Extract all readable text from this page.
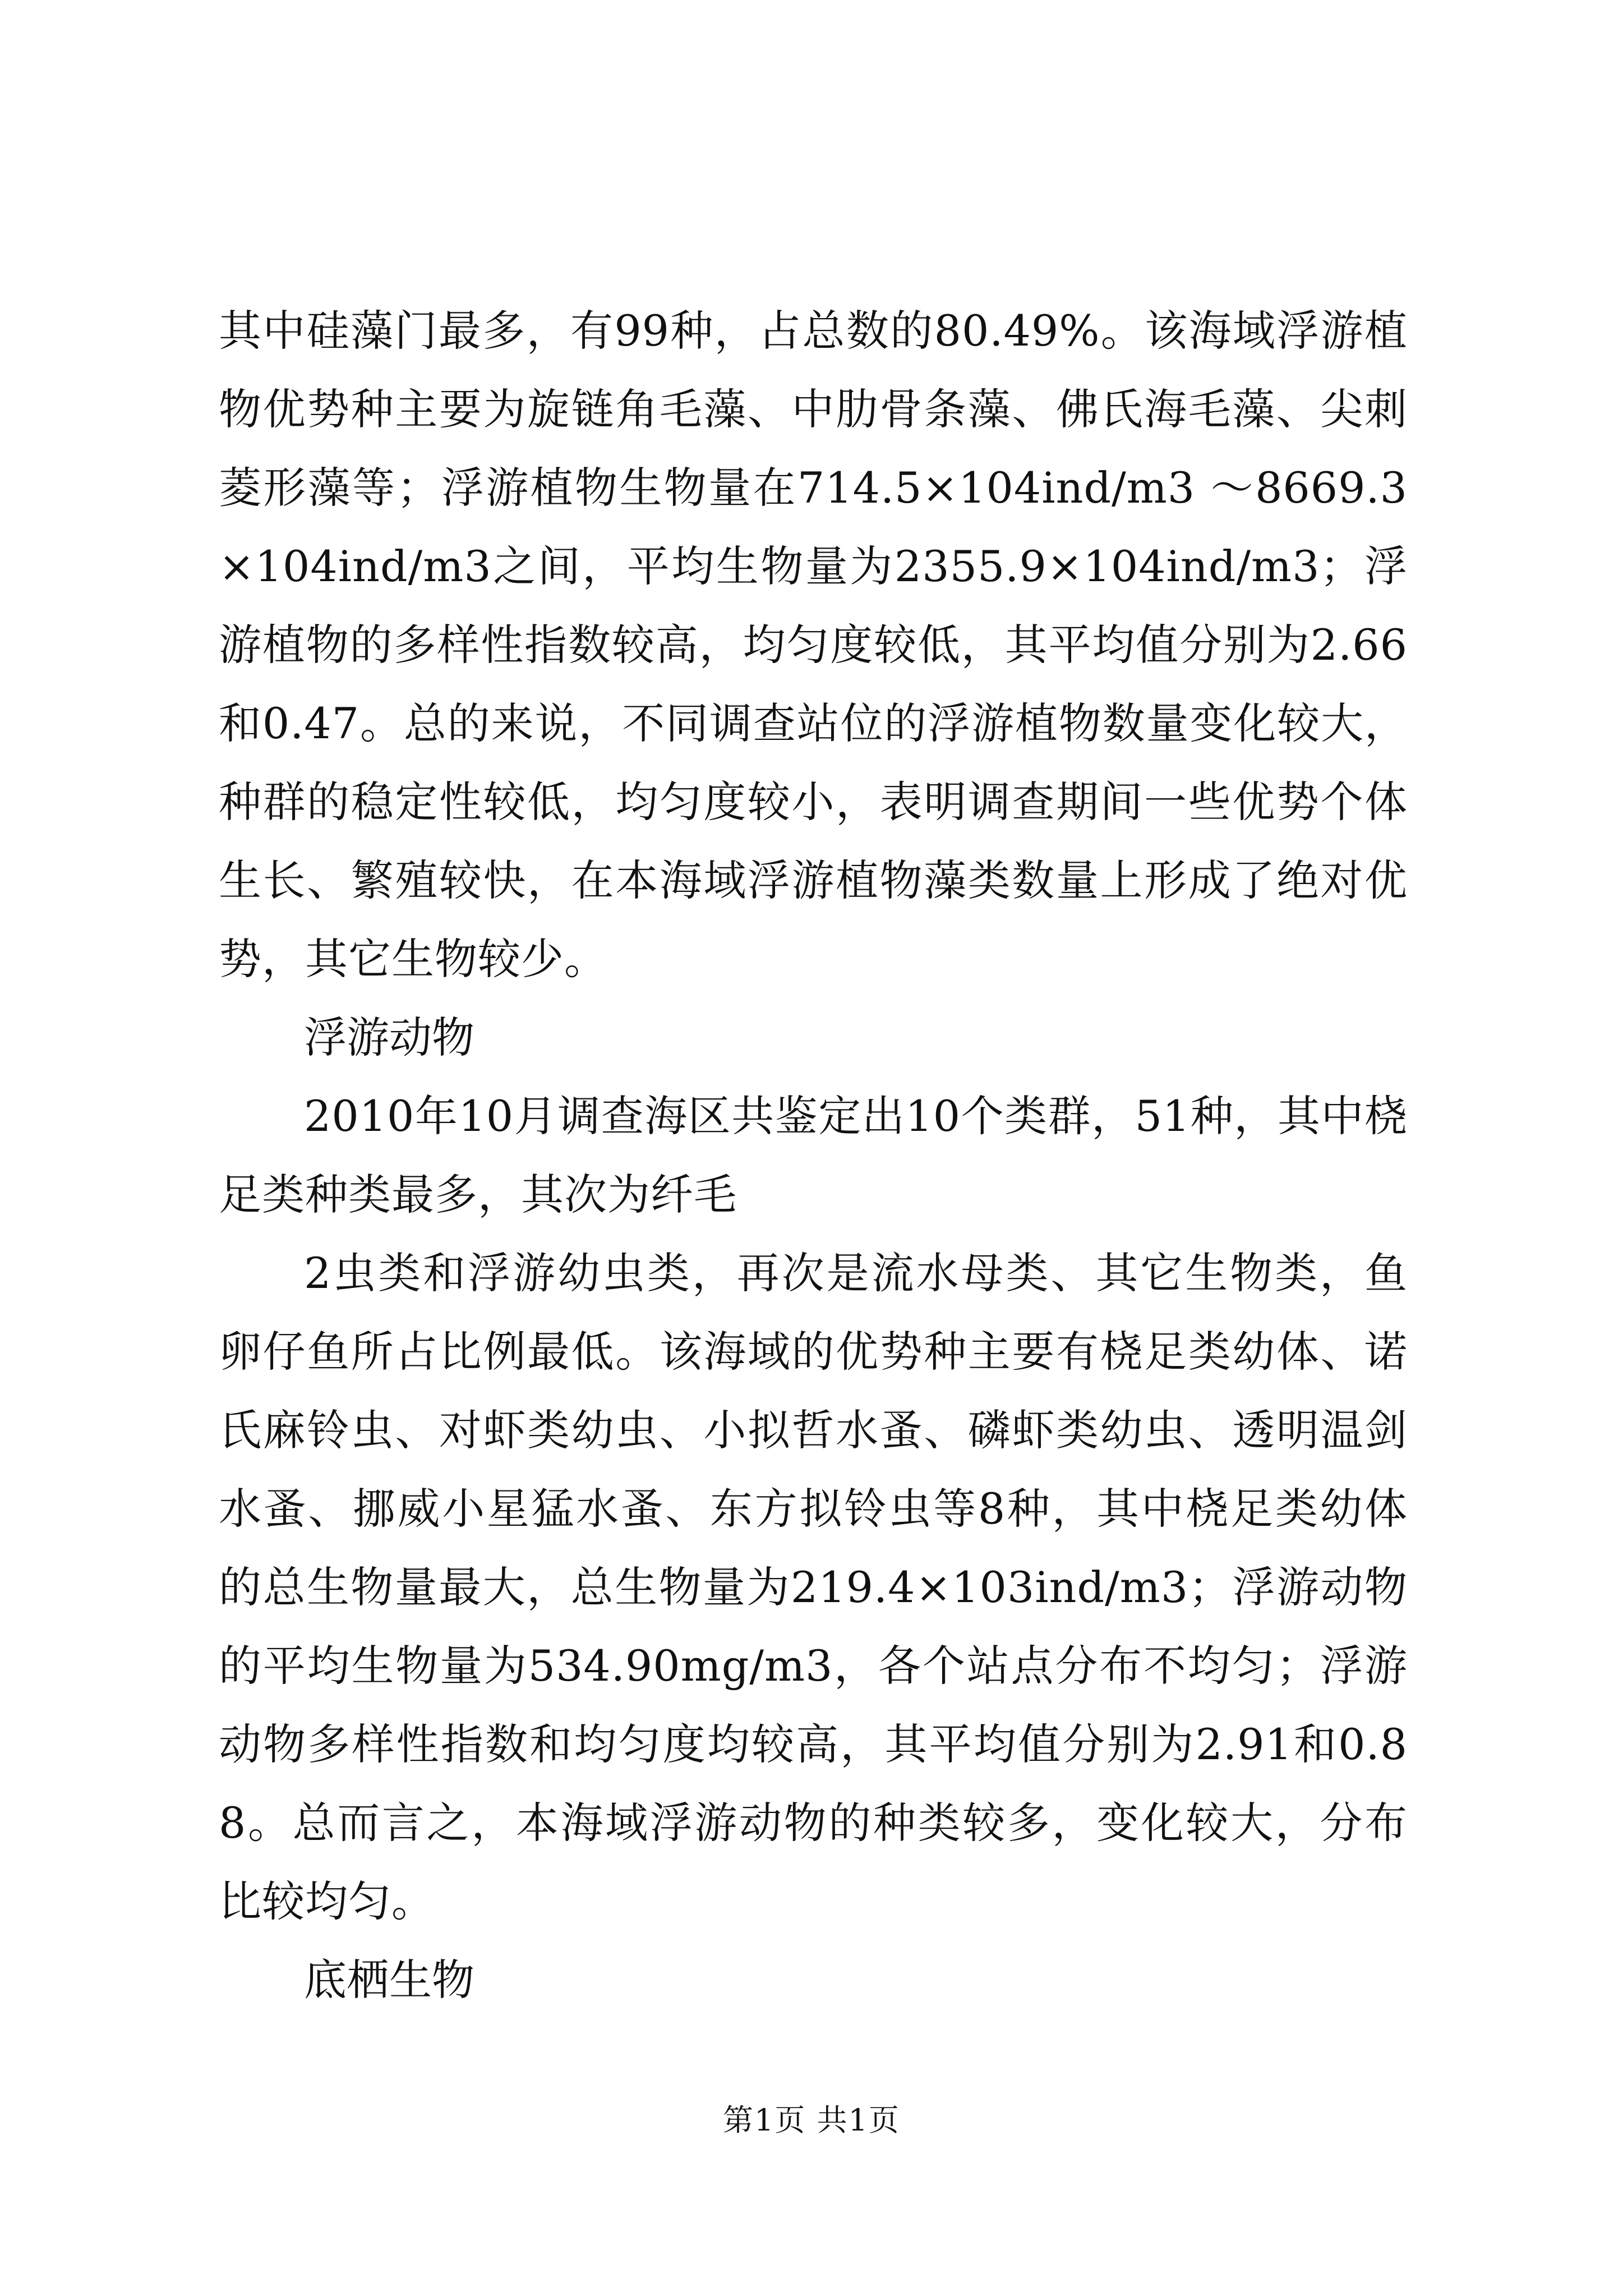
其中硅藻门最多，有99种，占总数的80.49%。该海域浮游植物优势种主要为旋链角毛藻、中肋骨条藻、佛氏海毛藻、尖刺菱形藻等；浮游植物生物量在714.5×104ind/m3 ～8669.3×104ind/m3之间，平均生物量为2355.9×104ind/m3；浮游植物的多样性指数较高，均匀度较低，其平均值分别为2.66和0.47。总的来说，不同调查站位的浮游植物数量变化较大，种群的稳定性较低，均匀度较小，表明调查期间一些优势个体生长、繁殖较快，在本海域浮游植物藻类数量上形成了绝对优势，其它生物较少。

浮游动物

2010年10月调查海区共鉴定出10个类群，51种，其中桡足类种类最多，其次为纤毛

2虫类和浮游幼虫类，再次是流水母类、其它生物类，鱼卵仔鱼所占比例最低。该海域的优势种主要有桡足类幼体、诺氏麻铃虫、对虾类幼虫、小拟哲水蚤、磷虾类幼虫、透明温剑水蚤、挪威小星猛水蚤、东方拟铃虫等8种，其中桡足类幼体的总生物量最大，总生物量为219.4×103ind/m3；浮游动物的平均生物量为534.90mg/m3，各个站点分布不均匀；浮游动物多样性指数和均匀度均较高，其平均值分别为2.91和0.88。总而言之，本海域浮游动物的种类较多，变化较大，分布比较均匀。

底栖生物

第1页 共1页
